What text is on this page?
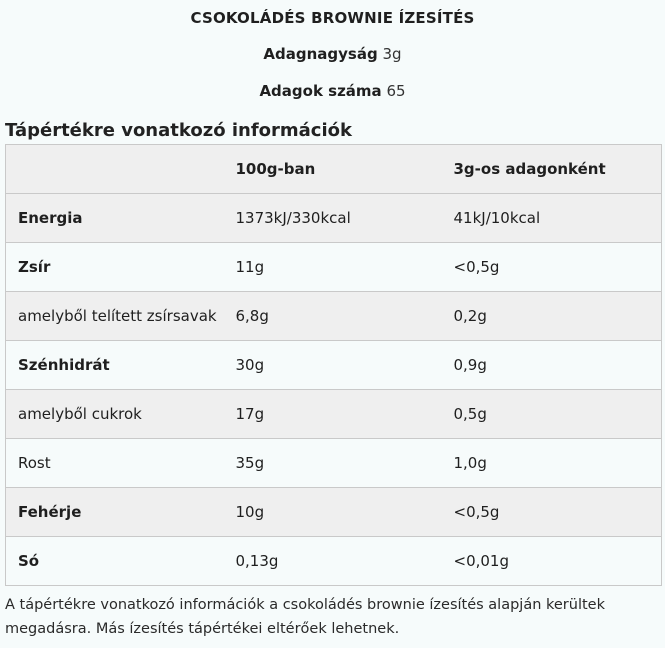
CSOKOLÁDÉS BROWNIE ÍZESÍTÉS
Adagnagyság 3g
Adagok száma 65
Tápértékre vonatkozó információk
	100g-ban	3g-os adagonként
Energia	1373kJ/330kcal	41kJ/10kcal
Zsír	11g	<0,5g
amelyből telített zsírsavak	6,8g	0,2g
Szénhidrát	30g	0,9g
amelyből cukrok	17g	0,5g
Rost	35g	1,0g
Fehérje	10g	<0,5g
Só	0,13g	<0,01g
A tápértékre vonatkozó információk a csokoládés brownie ízesítés alapján kerültek megadásra. Más ízesítés tápértékei eltérőek lehetnek.
